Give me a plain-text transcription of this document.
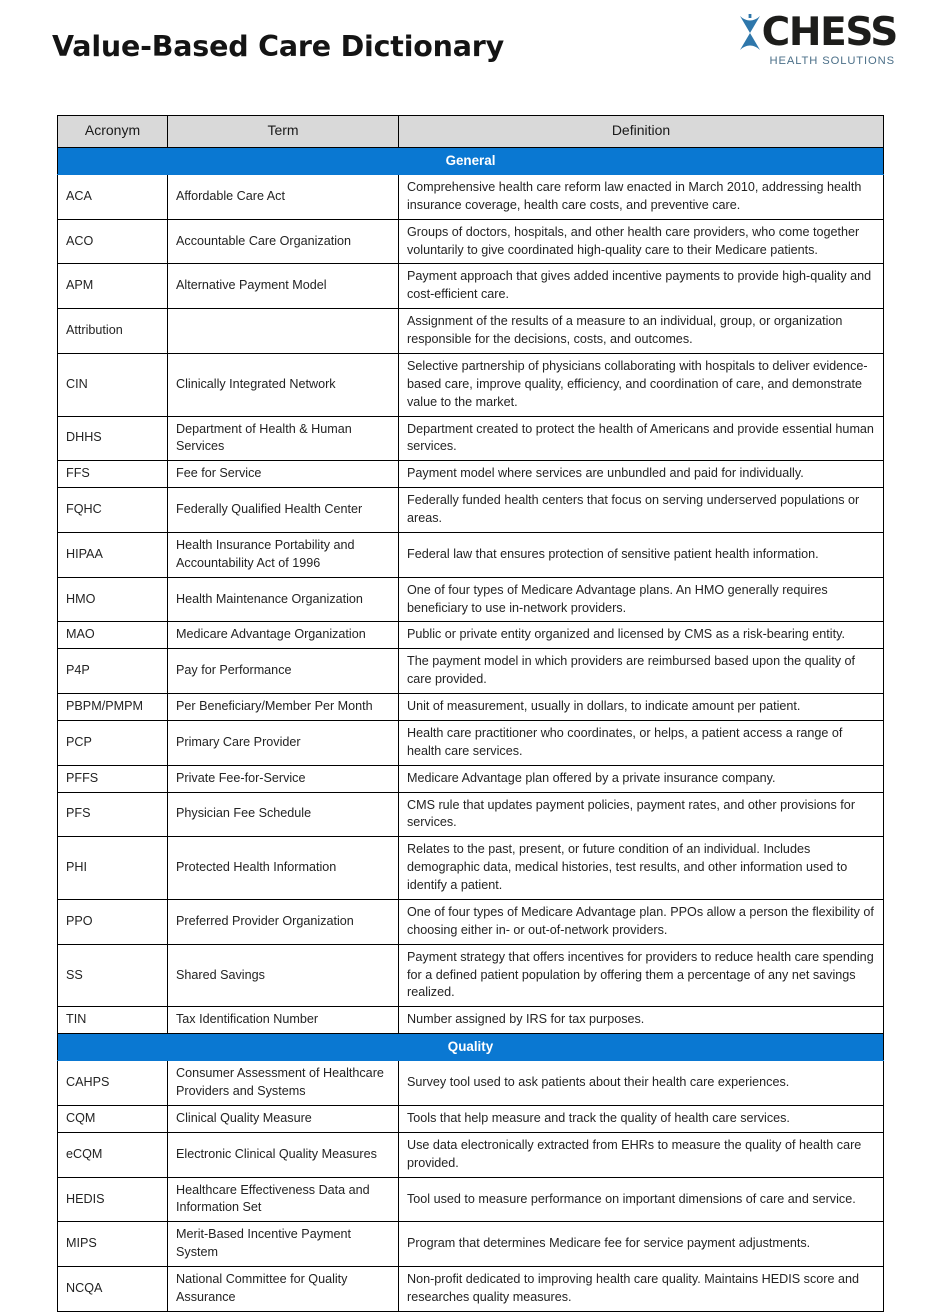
Value-Based Care Dictionary	CHESS
HEALTH SOLUTIONS
Acronym	Term	Definition
General		
ACA	Affordable Care Act	Comprehensive health care reform law enacted in March 2010, addressing health insurance coverage, health care costs, and preventive care.
ACO	Accountable Care Organization	Groups of doctors, hospitals, and other health care providers, who come together voluntarily to give coordinated high-quality care to their Medicare patients.
APM	Alternative Payment Model	Payment approach that gives added incentive payments to provide high-quality and cost-efficient care.
Attribution		Assignment of the results of a measure to an individual, group, or organization responsible for the decisions, costs, and outcomes.
CIN	Clinically Integrated Network	Selective partnership of physicians collaborating with hospitals to deliver evidence-based care, improve quality, efficiency, and coordination of care, and demonstrate value to the market.
DHHS	Department of Health & Human Services	Department created to protect the health of Americans and provide essential human services.
FFS	Fee for Service	Payment model where services are unbundled and paid for individually.
FQHC	Federally Qualified Health Center	Federally funded health centers that focus on serving underserved populations or areas.
HIPAA	Health Insurance Portability and Accountability Act of 1996	Federal law that ensures protection of sensitive patient health information.
HMO	Health Maintenance Organization	One of four types of Medicare Advantage plans. An HMO generally requires beneficiary to use in-network providers.
MAO	Medicare Advantage Organization	Public or private entity organized and licensed by CMS as a risk-bearing entity.
P4P	Pay for Performance	The payment model in which providers are reimbursed based upon the quality of care provided.
PBPM/PMPM	Per Beneficiary/Member Per Month	Unit of measurement, usually in dollars, to indicate amount per patient.
PCP	Primary Care Provider	Health care practitioner who coordinates, or helps, a patient access a range of health care services.
PFFS	Private Fee-for-Service	Medicare Advantage plan offered by a private insurance company.
PFS	Physician Fee Schedule	CMS rule that updates payment policies, payment rates, and other provisions for services.
PHI	Protected Health Information	Relates to the past, present, or future condition of an individual. Includes demographic data, medical histories, test results, and other information used to identify a patient.
PPO	Preferred Provider Organization	One of four types of Medicare Advantage plan. PPOs allow a person the flexibility of choosing either in- or out-of-network providers.
SS	Shared Savings	Payment strategy that offers incentives for providers to reduce health care spending for a defined patient population by offering them a percentage of any net savings realized.
TIN	Tax Identification Number	Number assigned by IRS for tax purposes.
Quality		
CAHPS	Consumer Assessment of Healthcare Providers and Systems	Survey tool used to ask patients about their health care experiences.
CQM	Clinical Quality Measure	Tools that help measure and track the quality of health care services.
eCQM	Electronic Clinical Quality Measures	Use data electronically extracted from EHRs to measure the quality of health care provided.
HEDIS	Healthcare Effectiveness Data and Information Set	Tool used to measure performance on important dimensions of care and service.
MIPS	Merit-Based Incentive Payment System	Program that determines Medicare fee for service payment adjustments.
NCQA	National Committee for Quality Assurance	Non-profit dedicated to improving health care quality. Maintains HEDIS score and researches quality measures.
